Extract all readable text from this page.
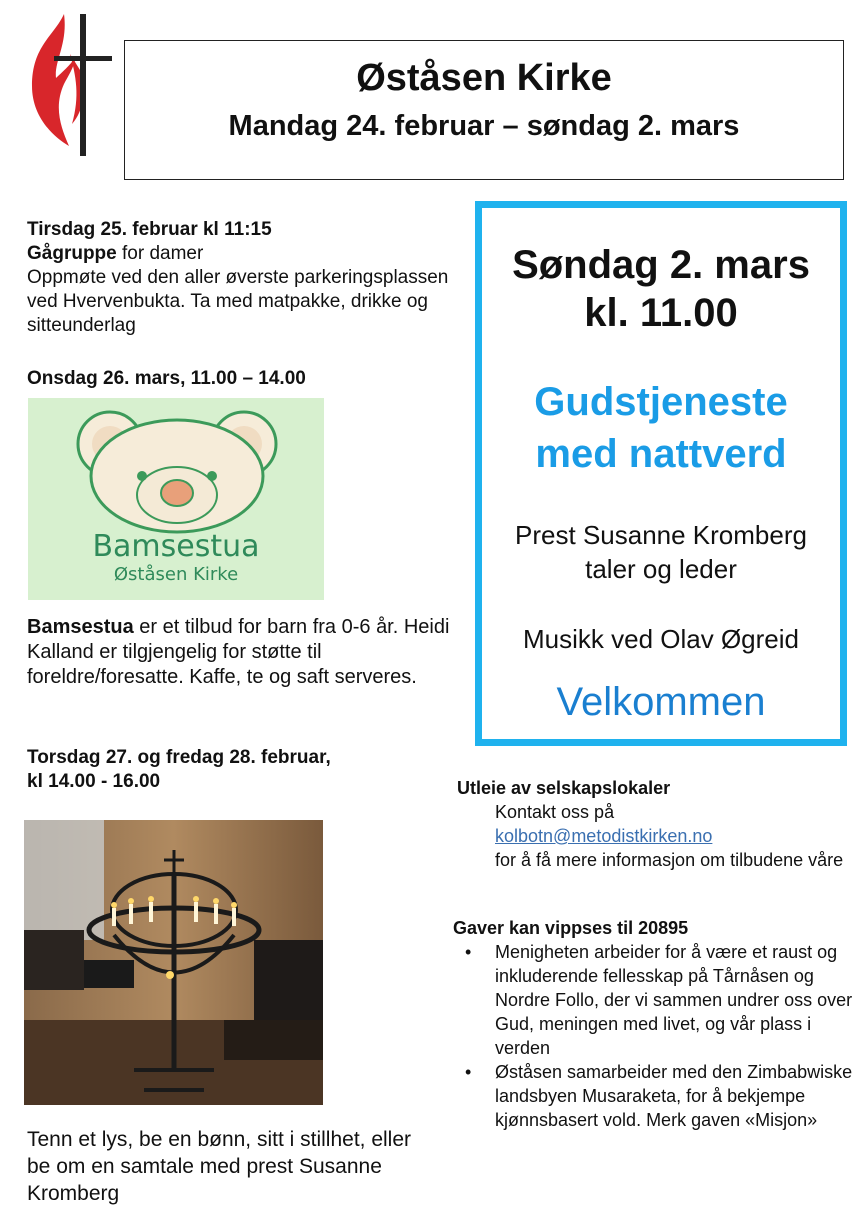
Øståsen Kirke
Mandag 24. februar – søndag 2. mars
Tirsdag 25. februar kl 11:15
Gågruppe for damer
Oppmøte ved den aller øverste parkeringsplassen ved Hvervenbukta. Ta med matpakke, drikke og sitteunderlag
Onsdag 26. mars, 11.00 – 14.00
Bamsestua
Øståsen Kirke
Bamsestua er et tilbud for barn fra 0-6 år. Heidi Kalland er tilgjengelig for støtte til foreldre/foresatte. Kaffe, te og saft serveres.
Torsdag 27. og fredag 28. februar,
kl 14.00 - 16.00
Tenn et lys, be en bønn, sitt i stillhet, eller be om en samtale med prest Susanne Kromberg
Søndag 2. mars
kl. 11.00
Gudstjeneste
med nattverd
Prest Susanne Kromberg
taler og leder
Musikk ved Olav Øgreid
Velkommen
Utleie av selskapslokaler
Kontakt oss på
kolbotn@metodistkirken.no
for å få mere informasjon om tilbudene våre
Gaver kan vippses til 20895
• Menigheten arbeider for å være et raust og inkluderende fellesskap på Tårnåsen og Nordre Follo, der vi sammen undrer oss over Gud, meningen med livet, og vår plass i verden
• Øståsen samarbeider med den Zimbabwiske landsbyen Musaraketa, for å bekjempe kjønnsbasert vold. Merk gaven «Misjon»
